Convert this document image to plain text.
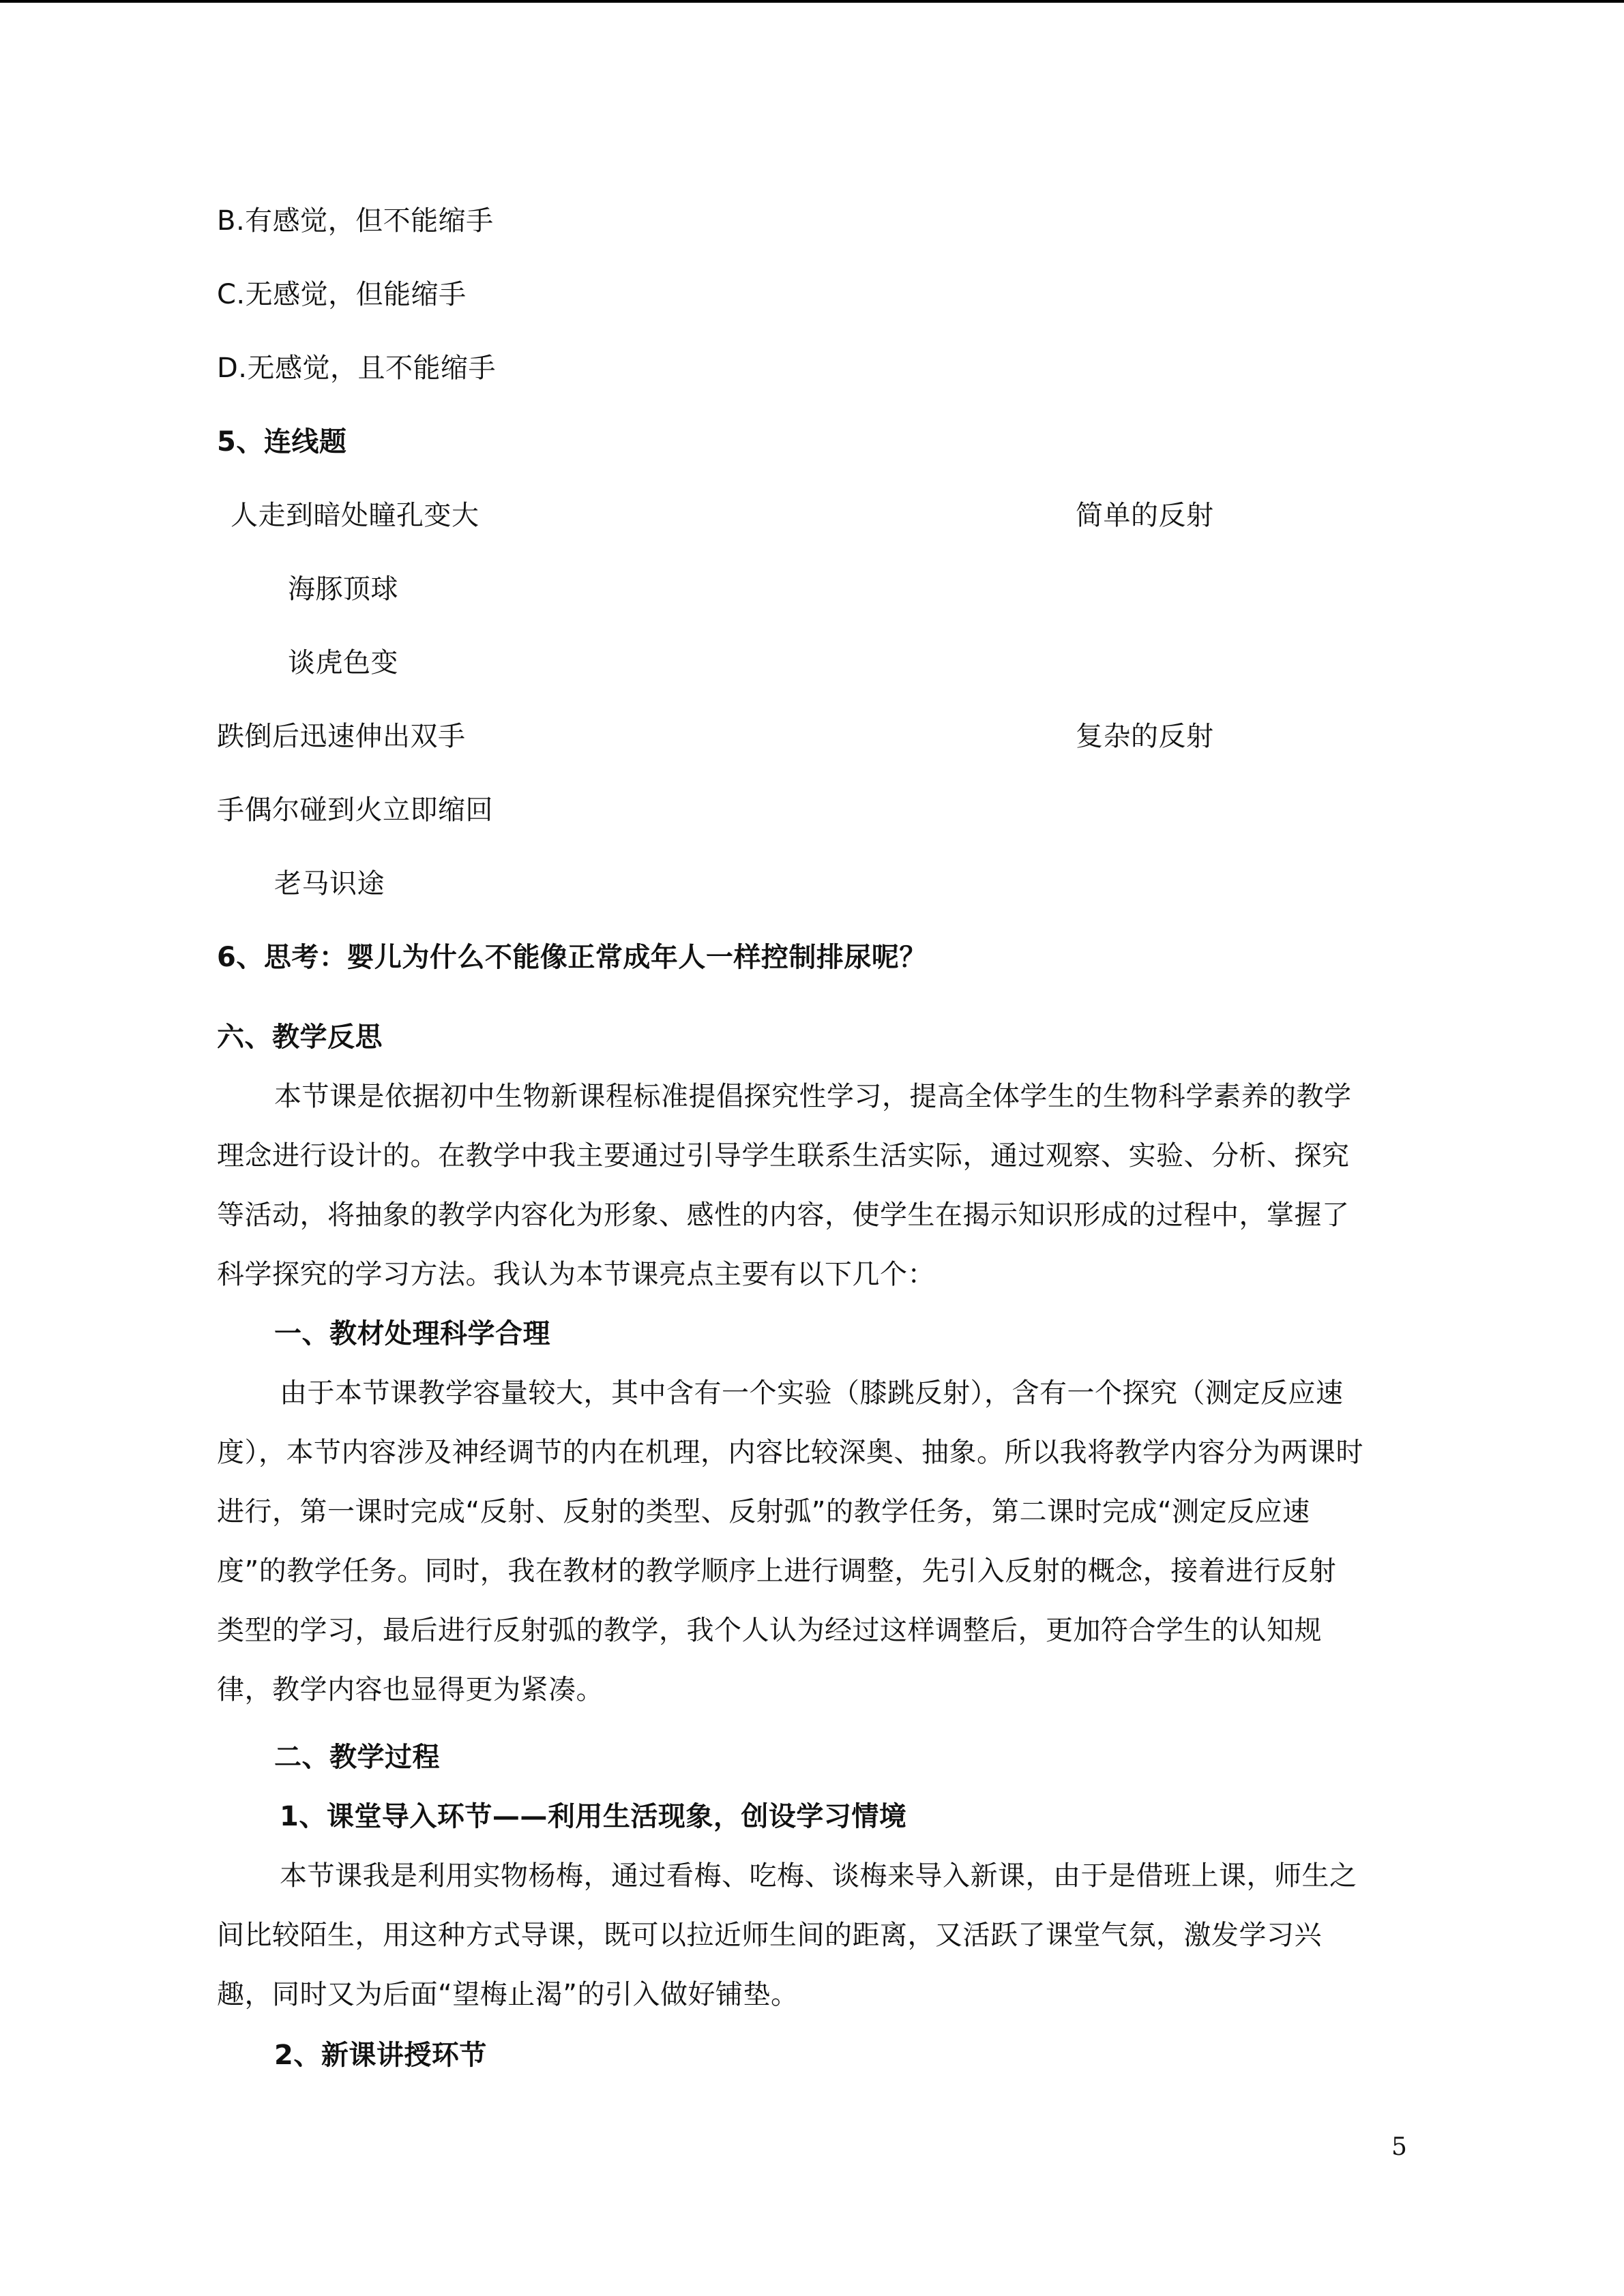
B.有感觉，但不能缩手
C.无感觉，但能缩手
D.无感觉，且不能缩手
5、连线题
人走到暗处瞳孔变大	简单的反射
海豚顶球
谈虎色变
跌倒后迅速伸出双手	复杂的反射
手偶尔碰到火立即缩回
老马识途
6、思考：婴儿为什么不能像正常成年人一样控制排尿呢？
六、教学反思
本节课是依据初中生物新课程标准提倡探究性学习，提高全体学生的生物科学素养的教学
理念进行设计的。在教学中我主要通过引导学生联系生活实际，通过观察、实验、分析、探究
等活动，将抽象的教学内容化为形象、感性的内容，使学生在揭示知识形成的过程中，掌握了
科学探究的学习方法。我认为本节课亮点主要有以下几个：
一、教材处理科学合理
由于本节课教学容量较大，其中含有一个实验（膝跳反射），含有一个探究（测定反应速
度），本节内容涉及神经调节的内在机理，内容比较深奥、抽象。所以我将教学内容分为两课时
进行，第一课时完成“反射、反射的类型、反射弧”的教学任务，第二课时完成“测定反应速
度”的教学任务。同时，我在教材的教学顺序上进行调整，先引入反射的概念，接着进行反射
类型的学习，最后进行反射弧的教学，我个人认为经过这样调整后，更加符合学生的认知规
律，教学内容也显得更为紧凑。
二、教学过程
1、课堂导入环节——利用生活现象，创设学习情境
本节课我是利用实物杨梅，通过看梅、吃梅、谈梅来导入新课，由于是借班上课，师生之
间比较陌生，用这种方式导课，既可以拉近师生间的距离，又活跃了课堂气氛，激发学习兴
趣，同时又为后面“望梅止渴”的引入做好铺垫。
2、新课讲授环节
5
